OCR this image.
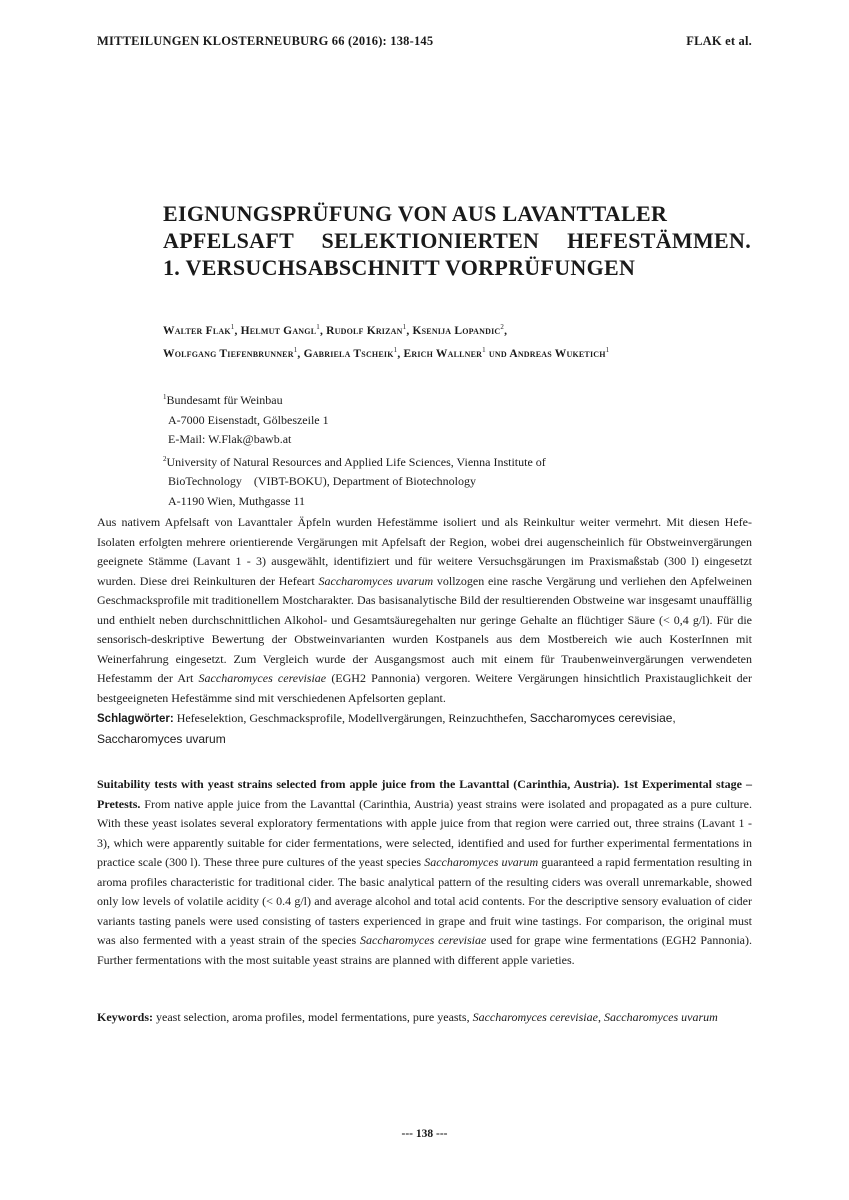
MITTEILUNGEN KLOSTERNEUBURG 66 (2016): 138-145	FLAK et al.
EIGNUNGSPRÜFUNG VON AUS LAVANTTALER
APFELSAFT SELEKTIONIERTEN HEFESTÄMMEN.
1. VERSUCHSABSCHNITT VORPRÜFUNGEN
Walter Flak$^1$, Helmut Gangl$^1$, Rudolf Krizan$^1$, Ksenija Lopandic$^2$,
Wolfgang Tiefenbrunner$^1$, Gabriela Tscheik$^1$, Erich Wallner$^1$ und Andreas Wuketich$^1$
$^1$Bundesamt für Weinbau
A-7000 Eisenstadt, Gölbeszeile 1
E-Mail: W.Flak@bawb.at
$^2$University of Natural Resources and Applied Life Sciences, Vienna Institute of
BioTechnology    (VIBT-BOKU), Department of Biotechnology
A-1190 Wien, Muthgasse 11

Aus nativem Apfelsaft von Lavanttaler Äpfeln wurden Hefestämme isoliert und als Reinkultur weiter vermehrt. Mit diesen Hefe-Isolaten erfolgten mehrere orientierende Vergärungen mit Apfelsaft der Region, wobei drei augenscheinlich für Obstweinvergärungen geeignete Stämme (Lavant 1 - 3) ausgewählt, identifiziert und für weitere Versuchsgärungen im Praxismaßstab (300 l) eingesetzt wurden. Diese drei Reinkulturen der Hefeart Saccharomyces uvarum vollzogen eine rasche Vergärung und verliehen den Apfelweinen Geschmacksprofile mit traditionellem Mostcharakter. Das basisanalytische Bild der resultierenden Obstweine war insgesamt unauffällig und enthielt neben durchschnittlichen Alkohol- und Gesamtsäuregehalten nur geringe Gehalte an flüchtiger Säure (< 0,4 g/l). Für die sensorisch-deskriptive Bewertung der Obstweinvarianten wurden Kostpanels aus dem Mostbereich wie auch KosterInnen mit Weinerfahrung eingesetzt. Zum Vergleich wurde der Ausgangsmost auch mit einem für Traubenweinvergärungen verwendeten Hefestamm der Art Saccharomyces cerevisiae (EGH2 Pannonia) vergoren. Weitere Vergärungen hinsichtlich Praxistauglichkeit der bestgeeigneten Hefestämme sind mit verschiedenen Apfelsorten geplant.

Schlagwörter: Hefeselektion, Geschmacksprofile, Modellvergärungen, Reinzuchthefen, Saccharomyces cerevisiae, Saccharomyces uvarum

Suitability tests with yeast strains selected from apple juice from the Lavanttal (Carinthia, Austria). 1st Experimental stage – Pretests. From native apple juice from the Lavanttal (Carinthia, Austria) yeast strains were isolated and propagated as a pure culture. With these yeast isolates several exploratory fermentations with apple juice from that region were carried out, three strains (Lavant 1 - 3), which were apparently suitable for cider fermentations, were selected, identified and used for further experimental fermentations in practice scale (300 l). These three pure cultures of the yeast species Saccharomyces uvarum guaranteed a rapid fermentation resulting in aroma profiles characteristic for traditional cider. The basic analytical pattern of the resulting ciders was overall unremarkable, showed only low levels of volatile acidity (< 0.4 g/l) and average alcohol and total acid contents. For the descriptive sensory evaluation of cider variants tasting panels were used consisting of tasters experienced in grape and fruit wine tastings. For comparison, the original must was also fermented with a yeast strain of the species Saccharomyces cerevisiae used for grape wine fermentations (EGH2 Pannonia). Further fermentations with the most suitable yeast strains are planned with different apple varieties.

Keywords: yeast selection, aroma profiles, model fermentations, pure yeasts, Saccharomyces cerevisiae, Saccharomyces uvarum

--- 138 ---
